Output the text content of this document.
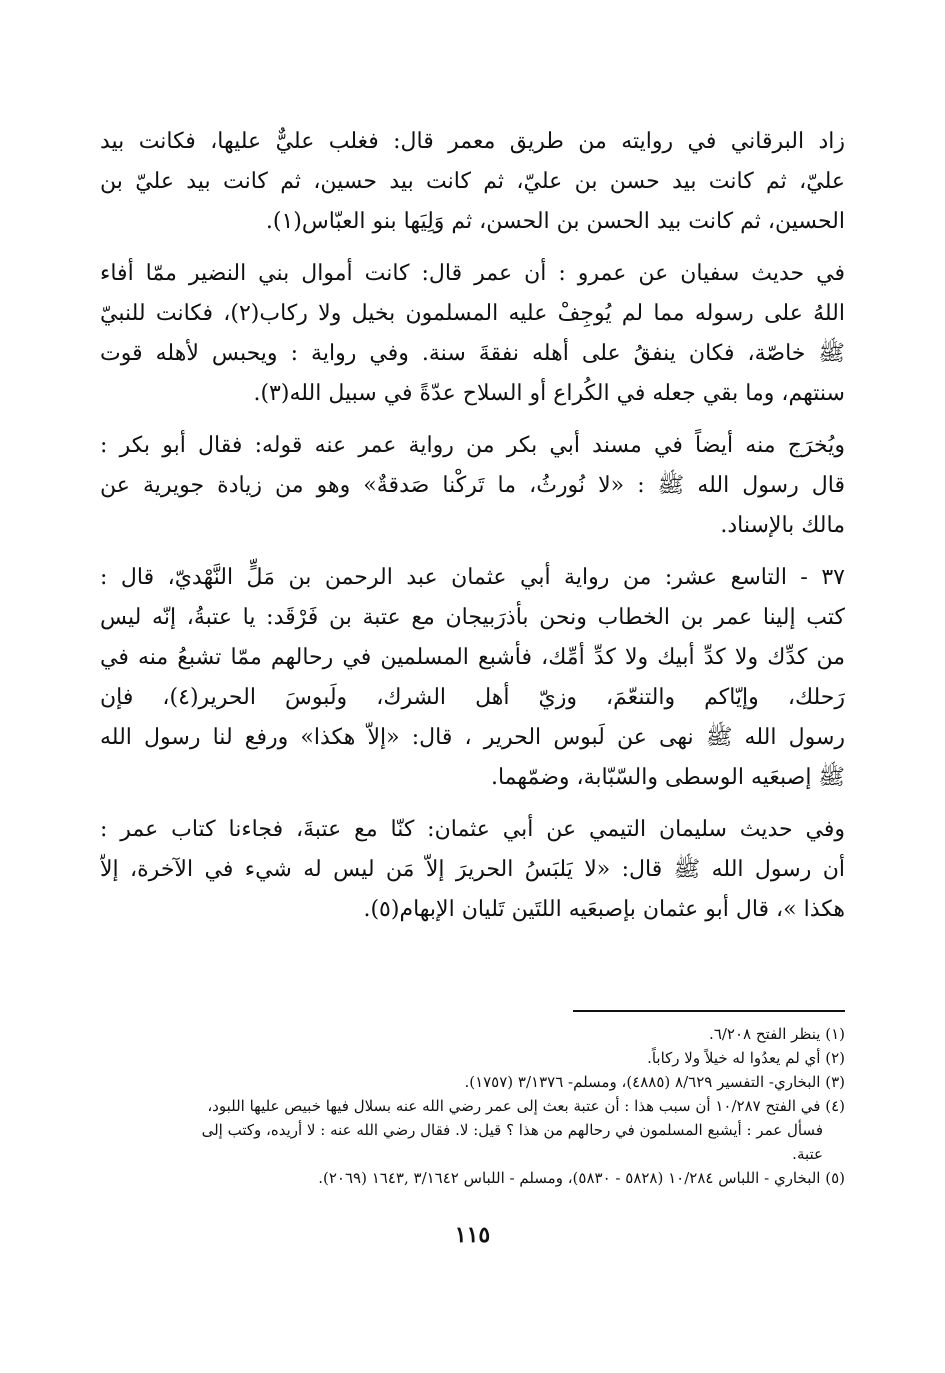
زاد البرقاني في روايته من طريق معمر قال: فغلب عليٌّ عليها، فكانت بيد
عليّ، ثم كانت بيد حسن بن عليّ، ثم كانت بيد حسين، ثم كانت بيد عليّ بن
الحسين، ثم كانت بيد الحسن بن الحسن، ثم وَلِيَها بنو العبّاس(١).
في حديث سفيان عن عمرو : أن عمر قال: كانت أموال بني النضير ممّا أفاء
اللهُ على رسوله مما لم يُوجِفْ عليه المسلمون بخيل ولا ركاب(٢)، فكانت للنبيّ
ﷺ خاصّة، فكان ينفقُ على أهله نفقةَ سنة. وفي رواية : ويحبس لأهله قوت
سنتهم، وما بقي جعله في الكُراع أو السلاح عدّةً في سبيل الله(٣).
ويُخرَج منه أيضاً في مسند أبي بكر من رواية عمر عنه قوله: فقال أبو بكر :
قال رسول الله ﷺ : «لا نُورثُ، ما تَركْنا صَدقةٌ» وهو من زيادة جويرية عن
مالك بالإسناد.
٣٧ - التاسع عشر: من رواية أبي عثمان عبد الرحمن بن مَلٍّ النَّهْديّ، قال :
كتب إلينا عمر بن الخطاب ونحن بأذرَبيجان مع عتبة بن فَرْقَد: يا عتبةُ، إنّه ليس
من كدِّك ولا كدِّ أبيك ولا كدِّ أمِّك، فأشبع المسلمين في رحالهم ممّا تشبعُ منه في
رَحلك، وإيّاكم والتنعّمَ، وزيّ أهل الشرك، ولَبوسَ الحرير(٤)، فإن
رسول الله ﷺ نهى عن لَبوس الحرير ، قال: «إلاّ هكذا» ورفع لنا رسول الله
ﷺ إصبعَيه الوسطى والسّبّابة، وضمّهما.
وفي حديث سليمان التيمي عن أبي عثمان: كنّا مع عتبةَ، فجاءنا كتاب عمر :
أن رسول الله ﷺ قال: «لا يَلبَسُ الحريرَ إلاّ مَن ليس له شيء في الآخرة، إلاّ
هكذا »، قال أبو عثمان بإصبعَيه اللتَين تَليان الإبهام(٥).
(١) ينظر الفتح ٦/٢٠٨.
(٢) أي لم يعدُوا له خيلاً ولا ركاباً.
(٣) البخاري- التفسير ٨/٦٢٩ (٤٨٨٥)، ومسلم- ٣/١٣٧٦ (١٧٥٧).
(٤) في الفتح ١٠/٢٨٧ أن سبب هذا : أن عتبة بعث إلى عمر رضي الله عنه بسلال فيها خبيص عليها اللبود،
فسأل عمر : أيشبع المسلمون في رحالهم من هذا ؟ قيل: لا. فقال رضي الله عنه : لا أريده، وكتب إلى
عتبة.
(٥) البخاري - اللباس ١٠/٢٨٤ (٥٨٢٨ - ٥٨٣٠)، ومسلم - اللباس ٣/١٦٤٢ ,١٦٤٣ (٢٠٦٩).
١١٥
